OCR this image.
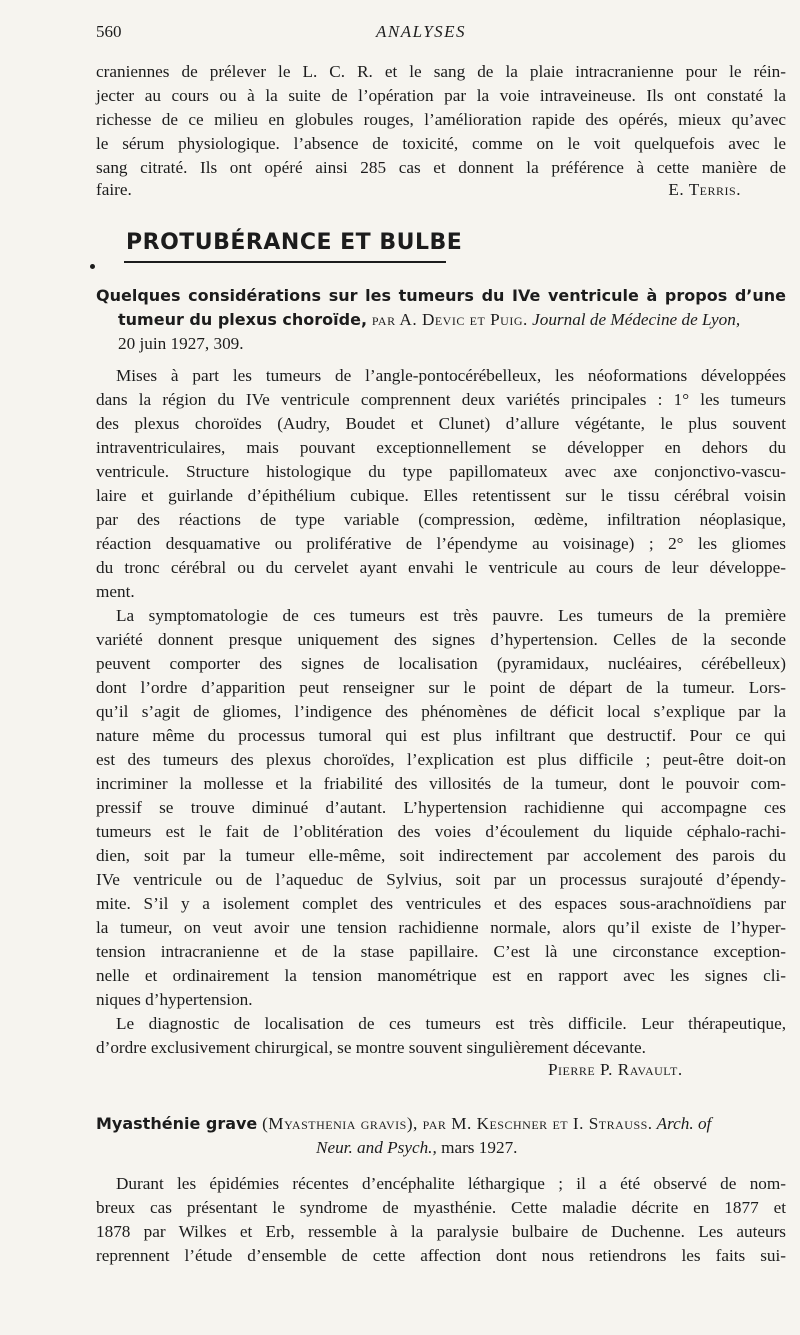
560	ANALYSES
craniennes de prélever le L. C. R. et le sang de la plaie intracranienne pour le réin-
jecter au cours ou à la suite de l’opération par la voie intraveineuse. Ils ont constaté la
richesse de ce milieu en globules rouges, l’amélioration rapide des opérés, mieux qu’avec
le sérum physiologique. l’absence de toxicité, comme on le voit quelquefois avec le
sang citraté. Ils ont opéré ainsi 285 cas et donnent la préférence à cette manière de
faire.	E. Terris.
PROTUBÉRANCE ET BULBE
Quelques considérations sur les tumeurs du IVe ventricule à propos d’une
tumeur du plexus choroïde, par A. Devic et Puig. Journal de Médecine de Lyon,
20 juin 1927, 309.
Mises à part les tumeurs de l’angle-pontocérébelleux, les néoformations développées
dans la région du IVe ventricule comprennent deux variétés principales : 1° les tumeurs
des plexus choroïdes (Audry, Boudet et Clunet) d’allure végétante, le plus souvent
intraventriculaires, mais pouvant exceptionnellement se développer en dehors du
ventricule. Structure histologique du type papillomateux avec axe conjonctivo-vascu-
laire et guirlande d’épithélium cubique. Elles retentissent sur le tissu cérébral voisin
par des réactions de type variable (compression, œdème, infiltration néoplasique,
réaction desquamative ou proliférative de l’épendyme au voisinage) ; 2° les gliomes
du tronc cérébral ou du cervelet ayant envahi le ventricule au cours de leur développe-
ment.
La symptomatologie de ces tumeurs est très pauvre. Les tumeurs de la première
variété donnent presque uniquement des signes d’hypertension. Celles de la seconde
peuvent comporter des signes de localisation (pyramidaux, nucléaires, cérébelleux)
dont l’ordre d’apparition peut renseigner sur le point de départ de la tumeur. Lors-
qu’il s’agit de gliomes, l’indigence des phénomènes de déficit local s’explique par la
nature même du processus tumoral qui est plus infiltrant que destructif. Pour ce qui
est des tumeurs des plexus choroïdes, l’explication est plus difficile ; peut-être doit-on
incriminer la mollesse et la friabilité des villosités de la tumeur, dont le pouvoir com-
pressif se trouve diminué d’autant. L’hypertension rachidienne qui accompagne ces
tumeurs est le fait de l’oblitération des voies d’écoulement du liquide céphalo-rachi-
dien, soit par la tumeur elle-même, soit indirectement par accolement des parois du
IVe ventricule ou de l’aqueduc de Sylvius, soit par un processus surajouté d’épendy-
mite. S’il y a isolement complet des ventricules et des espaces sous-arachnoïdiens par
la tumeur, on veut avoir une tension rachidienne normale, alors qu’il existe de l’hyper-
tension intracranienne et de la stase papillaire. C’est là une circonstance exception-
nelle et ordinairement la tension manométrique est en rapport avec les signes cli-
niques d’hypertension.
Le diagnostic de localisation de ces tumeurs est très difficile. Leur thérapeutique,
d’ordre exclusivement chirurgical, se montre souvent singulièrement décevante.
Pierre P. Ravault.
Myasthénie grave (Myasthenia gravis), par M. Keschner et I. Strauss. Arch. of
Neur. and Psych., mars 1927.
Durant les épidémies récentes d’encéphalite léthargique ; il a été observé de nom-
breux cas présentant le syndrome de myasthénie. Cette maladie décrite en 1877 et
1878 par Wilkes et Erb, ressemble à la paralysie bulbaire de Duchenne. Les auteurs
reprennent l’étude d’ensemble de cette affection dont nous retiendrons les faits sui-
